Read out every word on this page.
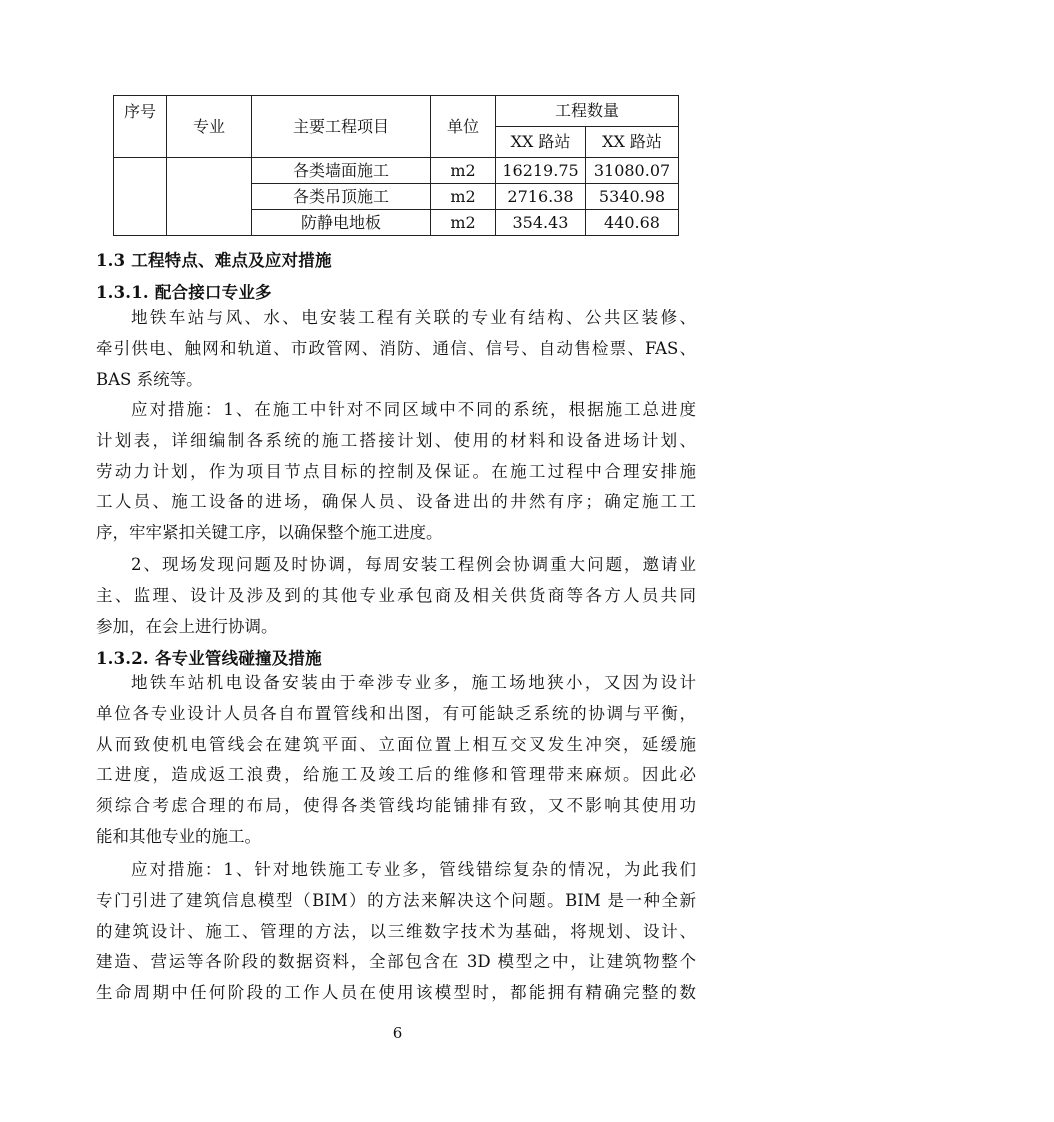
序号	专业	主要工程项目	单位	工程数量	
				XX 路站	XX 路站
		各类墙面施工	m2	16219.75	31080.07
		各类吊顶施工	m2	2716.38	5340.98
		防静电地板	m2	354.43	440.68
1.3 工程特点、难点及应对措施
1.3.1. 配合接口专业多
地铁车站与风、水、电安装工程有关联的专业有结构、公共区装修、
牵引供电、触网和轨道、市政管网、消防、通信、信号、自动售检票、FAS、
BAS 系统等。
应对措施：1、在施工中针对不同区域中不同的系统，根据施工总进度
计划表，详细编制各系统的施工搭接计划、使用的材料和设备进场计划、
劳动力计划，作为项目节点目标的控制及保证。在施工过程中合理安排施
工人员、施工设备的进场，确保人员、设备进出的井然有序；确定施工工
序，牢牢紧扣关键工序，以确保整个施工进度。
2、现场发现问题及时协调，每周安装工程例会协调重大问题，邀请业
主、监理、设计及涉及到的其他专业承包商及相关供货商等各方人员共同
参加，在会上进行协调。
1.3.2. 各专业管线碰撞及措施
地铁车站机电设备安装由于牵涉专业多，施工场地狭小，又因为设计
单位各专业设计人员各自布置管线和出图，有可能缺乏系统的协调与平衡，
从而致使机电管线会在建筑平面、立面位置上相互交叉发生冲突，延缓施
工进度，造成返工浪费，给施工及竣工后的维修和管理带来麻烦。因此必
须综合考虑合理的布局，使得各类管线均能铺排有致，又不影响其使用功
能和其他专业的施工。
应对措施：1、针对地铁施工专业多，管线错综复杂的情况，为此我们
专门引进了建筑信息模型（BIM）的方法来解决这个问题。BIM 是一种全新
的建筑设计、施工、管理的方法，以三维数字技术为基础，将规划、设计、
建造、营运等各阶段的数据资料，全部包含在 3D 模型之中，让建筑物整个
生命周期中任何阶段的工作人员在使用该模型时，都能拥有精确完整的数
6
